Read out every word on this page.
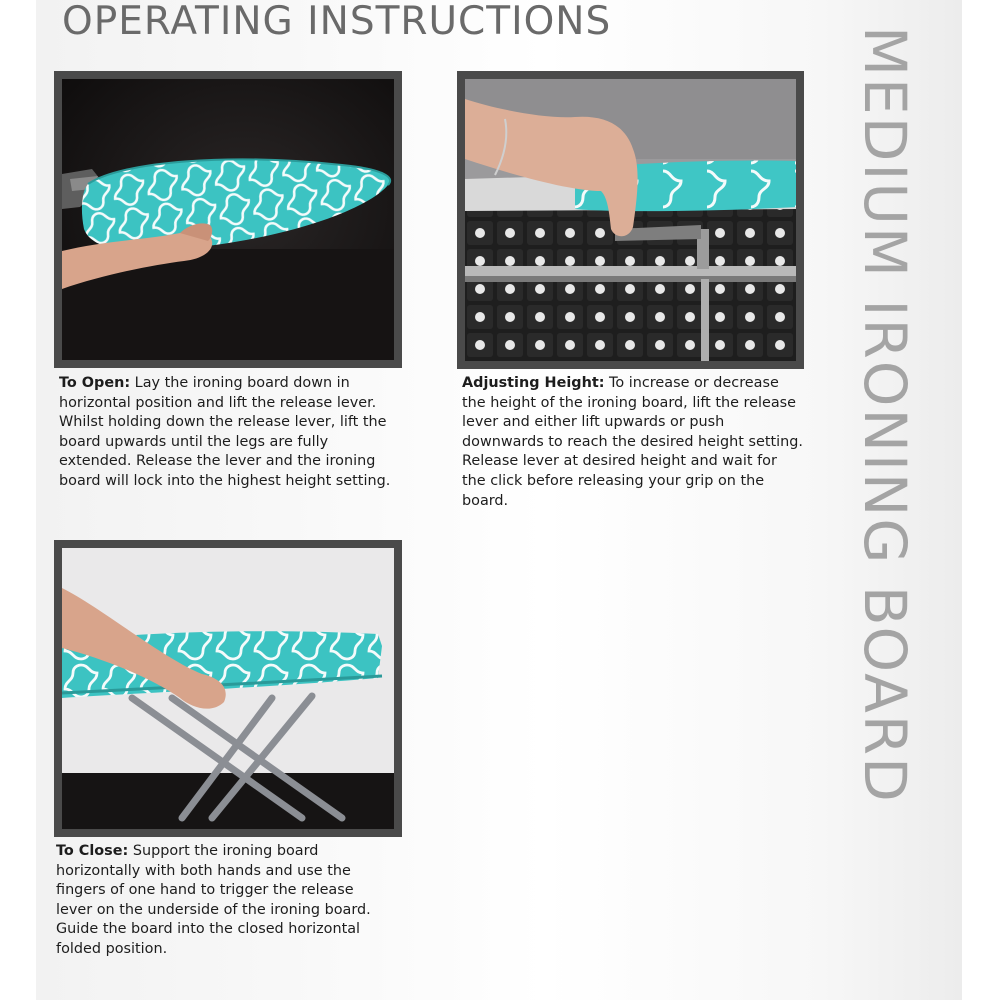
OPERATING INSTRUCTIONS
MEDIUM IRONING BOARD

To Open: Lay the ironing board down in horizontal position and lift the release lever. Whilst holding down the release lever, lift the board upwards until the legs are fully extended. Release the lever and the ironing board will lock into the highest height setting.

Adjusting Height: To increase or decrease the height of the ironing board, lift the release lever and either lift upwards or push downwards to reach the desired height setting. Release lever at desired height and wait for the click before releasing your grip on the board.

To Close: Support the ironing board horizontally with both hands and use the fingers of one hand to trigger the release lever on the underside of the ironing board. Guide the board into the closed horizontal folded position.
